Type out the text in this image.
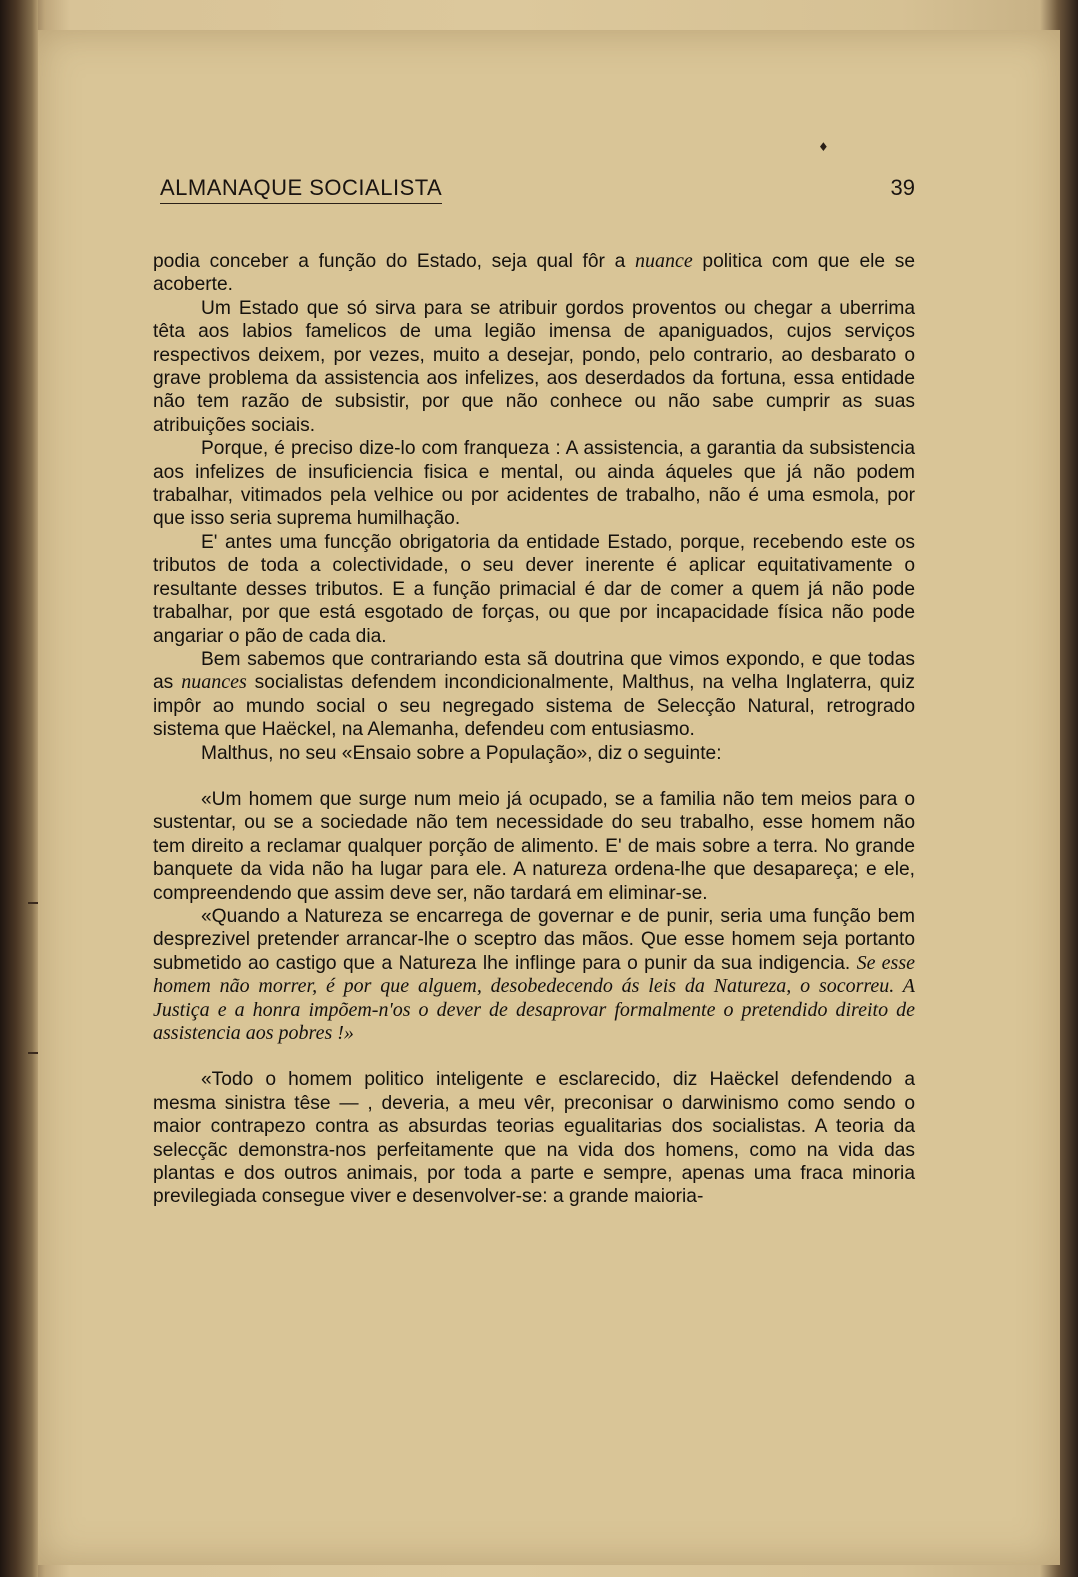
♦
ALMANAQUE SOCIALISTA	39

podia conceber a função do Estado, seja qual fôr a nuance politica com que ele se acoberte.

Um Estado que só sirva para se atribuir gordos proventos ou chegar a uberrima têta aos labios famelicos de uma legião imensa de apaniguados, cujos serviços respectivos deixem, por vezes, muito a desejar, pondo, pelo contrario, ao desbarato o grave problema da assistencia aos infelizes, aos deserdados da fortuna, essa entidade não tem razão de subsistir, por que não conhece ou não sabe cumprir as suas atribuições sociais.

Porque, é preciso dize-lo com franqueza : A assistencia, a garantia da subsistencia aos infelizes de insuficiencia fisica e mental, ou ainda áqueles que já não podem trabalhar, vitimados pela velhice ou por acidentes de trabalho, não é uma esmola, por que isso seria suprema humilhação.

E' antes uma funcção obrigatoria da entidade Estado, porque, recebendo este os tributos de toda a colectividade, o seu dever inerente é aplicar equitativamente o resultante desses tributos. E a função primacial é dar de comer a quem já não pode trabalhar, por que está esgotado de forças, ou que por incapacidade física não pode angariar o pão de cada dia.

Bem sabemos que contrariando esta sã doutrina que vimos expondo, e que todas as nuances socialistas defendem incondicionalmente, Malthus, na velha Inglaterra, quiz impôr ao mundo social o seu negregado sistema de Selecção Natural, retrogrado sistema que Haëckel, na Alemanha, defendeu com entusiasmo.

Malthus, no seu «Ensaio sobre a População», diz o seguinte:

«Um homem que surge num meio já ocupado, se a familia não tem meios para o sustentar, ou se a sociedade não tem necessidade do seu trabalho, esse homem não tem direito a reclamar qualquer porção de alimento. E' de mais sobre a terra. No grande banquete da vida não ha lugar para ele. A natureza ordena-lhe que desapareça; e ele, compreendendo que assim deve ser, não tardará em eliminar-se.

«Quando a Natureza se encarrega de governar e de punir, seria uma função bem desprezivel pretender arrancar-lhe o sceptro das mãos. Que esse homem seja portanto submetido ao castigo que a Natureza lhe inflinge para o punir da sua indigencia. Se esse homem não morrer, é por que alguem, desobedecendo ás leis da Natureza, o socorreu. A Justiça e a honra impõem-n'os o dever de desaprovar formalmente o pretendido direito de assistencia aos pobres !»

«Todo o homem politico inteligente e esclarecido, diz Haëckel defendendo a mesma sinistra têse — , deveria, a meu vêr, preconisar o darwinismo como sendo o maior contrapezo contra as absurdas teorias egualitarias dos socialistas. A teoria da selecçãc demonstra-nos perfeitamente que na vida dos homens, como na vida das plantas e dos outros animais, por toda a parte e sempre, apenas uma fraca minoria previlegiada consegue viver e desenvolver-se: a grande maioria-
